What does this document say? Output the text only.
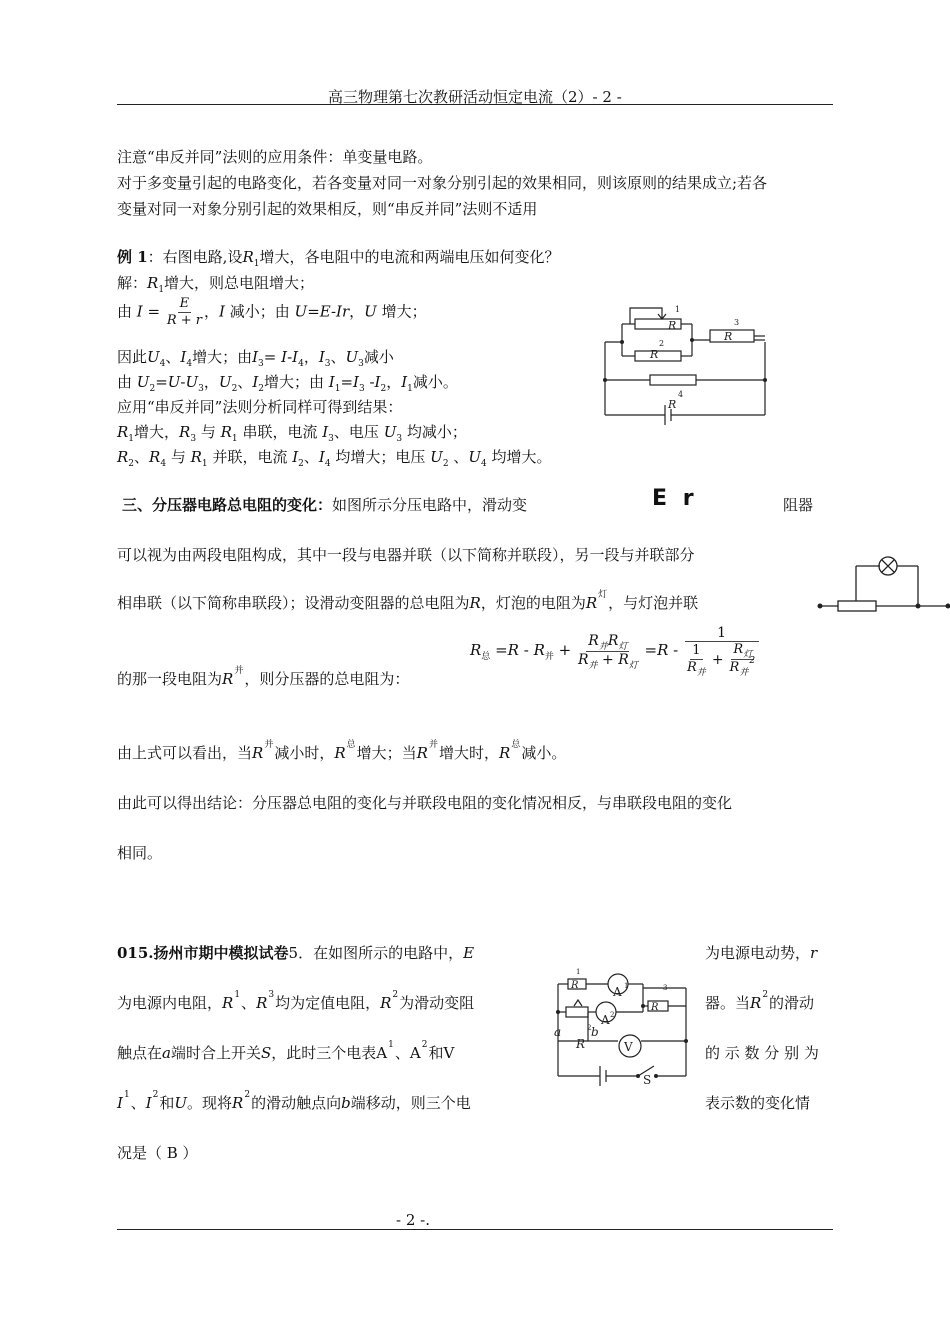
高三物理第七次教研活动恒定电流（2）- 2 -
注意“串反并同”法则的应用条件：单变量电路。
对于多变量引起的电路变化，若各变量对同一对象分别引起的效果相同，则该原则的结果成立;若各
变量对同一对象分别引起的效果相反，则“串反并同”法则不适用
例 1：右图电路,设$R_1$增大，各电阻中的电流和两端电压如何变化？
解：$R_1$增大，则总电阻增大；
由 $I = \frac{E}{R + r}$ ，I 减小；由 U=E-Ir，U 增大；
因此$U_4$、$I_4$增大；由$I_3= I-I_4$，$I_3$、$U_3$减小
由 $U_2=U-U_3$，$U_2$、$I_2$增大；由 $I_1=I_3$ $-I_2$，$I_1$减小。
应用“串反并同”法则分析同样可得到结果：
$R_1$增大，$R_3$ 与 $R_1$ 串联，电流 $I_3$、电压 $U_3$ 均减小；
$R_2$、$R_4$ 与 $R_1$ 并联，电流 $I_2$、$I_4$ 均增大；电压 $U_2$ 、$U_4$ 均增大。
R
R
R
R
1
2
3
4
三、分压器电路总电阻的变化：如图所示分压电路中，滑动变	E r	阻器
可以视为由两段电阻构成，其中一段与电器并联（以下简称并联段），另一段与并联部分
相串联（以下简称串联段）；设滑动变阻器的总电阻为R，灯泡的电阻为$R^灯$，与灯泡并联
$R_总 =R - R_并 + \frac{R_并R_灯}{R_并 + R_灯} =R - \frac{1}{\frac{1}{R_并} + \frac{R_灯}{R_并^2}}$
的那一段电阻为$R^并$，则分压器的总电阻为：
由上式可以看出，当$R^并$减小时，$R^总$增大；当$R^并$增大时，$R^总$减小。
由此可以得出结论：分压器总电阻的变化与并联段电阻的变化情况相反，与串联段电阻的变化
相同。
015.扬州市期中模拟试卷5．在如图所示的电路中，E	为电源电动势，r
为电源内电阻，$R^1$、$R^3$均为定值电阻，$R^2$为滑动变阻	器。当$R^2$的滑动
触点在a端时合上开关S，此时三个电表$A^1$、$A^2$和V	的 示 数 分 别 为
$I^1$、$I^2$和U。现将$R^2$的滑动触点向b端移动，则三个电	表示数的变化情
况是（ B ）
R	A
A
V
R
a
R
b
S
1
1
2
3
2
- 2 -.
